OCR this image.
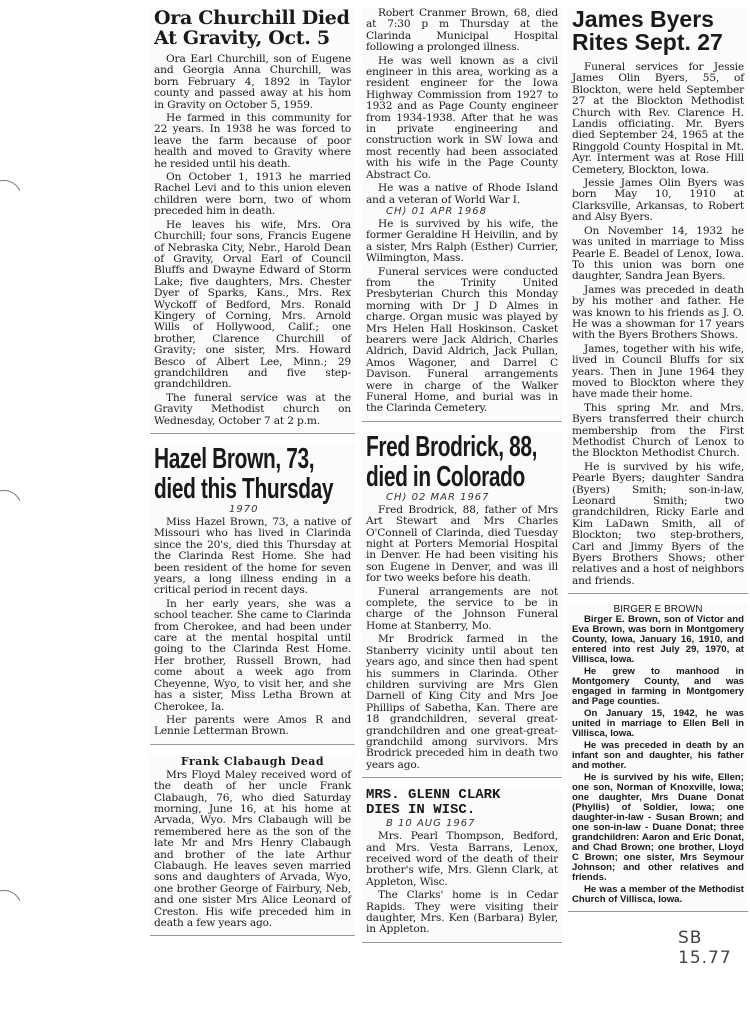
Ora Churchill Died
At Gravity, Oct. 5

Ora Earl Churchill, son of Eugene and Georgia Anna Churchill, was born February 4, 1892 in Taylor county and passed away at his hom in Gravity on October 5, 1959.

He farmed in this community for 22 years. In 1938 he was forced to leave the farm because of poor health and moved to Gravity where he resided until his death.

On October 1, 1913 he married Rachel Levi and to this union eleven children were born, two of whom preceded him in death.

He leaves his wife, Mrs. Ora Churchill; four sons, Francis Eugene of Nebraska City, Nebr., Harold Dean of Gravity, Orval Earl of Council Bluffs and Dwayne Edward of Storm Lake; five daughters, Mrs. Chester Dyer of Sparks, Kans., Mrs. Rex Wyckoff of Bedford, Mrs. Ronald Kingery of Corning, Mrs. Arnold Wills of Hollywood, Calif.; one brother, Clarence Churchill of Gravity; one sister, Mrs. Howard Besco of Albert Lee, Minn.; 29 grandchildren and five step-grandchildren.

The funeral service was at the Gravity Methodist church on Wednesday, October 7 at 2 p.m.

Hazel Brown, 73,
died this Thursday
1970

Miss Hazel Brown, 73, a native of Missouri who has lived in Clarinda since the 20's, died this Thursday at the Clarinda Rest Home. She had been resident of the home for seven years, a long illness ending in a critical period in recent days.

In her early years, she was a school teacher. She came to Clarinda from Cherokee, and had been under care at the mental hospital until going to the Clarinda Rest Home. Her brother, Russell Brown, had come about a week ago from Cheyenne, Wyo, to visit her, and she has a sister, Miss Letha Brown at Cherokee, Ia.

Her parents were Amos R and Lennie Letterman Brown.

Frank Clabaugh Dead

Mrs Floyd Maley received word of the death of her uncle Frank Clabaugh, 76, who died Saturday morning, June 16, at his home at Arvada, Wyo. Mrs Clabaugh will be remembered here as the son of the late Mr and Mrs Henry Clabaugh and brother of the late Arthur Clabaugh. He leaves seven married sons and daughters of Arvada, Wyo, one brother George of Fairbury, Neb, and one sister Mrs Alice Leonard of Creston. His wife preceded him in death a few years ago.

Robert Cranmer Brown, 68, died at 7:30 p m Thursday at the Clarinda Municipal Hospital following a prolonged illness.

He was well known as a civil engineer in this area, working as a resident engineer for the Iowa Highway Commission from 1927 to 1932 and as Page County engineer from 1934-1938. After that he was in private engineering and construction work in SW Iowa and most recently had been associated with his wife in the Page County Abstract Co.

He was a native of Rhode Island and a veteran of World War I.

CH) 01 APR 1968

He is survived by his wife, the former Geraldine H Heivilin, and by a sister, Mrs Ralph (Esther) Currier, Wilmington, Mass.

Funeral services were conducted from the Trinity United Presbyterian Church this Monday morning with Dr J D Almes in charge. Organ music was played by Mrs Helen Hall Hoskinson. Casket bearers were Jack Aldrich, Charles Aldrich, David Aldrich, Jack Pullan, Amos Wagoner, and Darrel C Davison. Funeral arrangements were in charge of the Walker Funeral Home, and burial was in the Clarinda Cemetery.

Fred Brodrick, 88,
died in Colorado
CH) 02 MAR 1967

Fred Brodrick, 88, father of Mrs Art Stewart and Mrs Charles O'Connell of Clarinda, died Tuesday night at Porters Memorial Hospital in Denver. He had been visiting his son Eugene in Denver, and was ill for two weeks before his death.

Funeral arrangements are not complete, the service to be in charge of the Johnson Funeral Home at Stanberry, Mo.

Mr Brodrick farmed in the Stanberry vicinity until about ten years ago, and since then had spent his summers in Clarinda. Other children surviving are Mrs Glen Darnell of King City and Mrs Joe Phillips of Sabetha, Kan. There are 18 grandchildren, several great-grandchildren and one great-great-grandchild among survivors. Mrs Brodrick preceded him in death two years ago.

MRS. GLENN CLARK
DIES IN WISC.
B 10 AUG 1967

Mrs. Pearl Thompson, Bedford, and Mrs. Vesta Barrans, Lenox, received word of the death of their brother's wife, Mrs. Glenn Clark, at Appleton, Wisc.

The Clarks' home is in Cedar Rapids. They were visiting their daughter, Mrs. Ken (Barbara) Byler, in Appleton.

James Byers
Rites Sept. 27

Funeral services for Jessie James Olin Byers, 55, of Blockton, were held September 27 at the Blockton Methodist Church with Rev. Clarence H. Landis officiating. Mr. Byers died September 24, 1965 at the Ringgold County Hospital in Mt. Ayr. Interment was at Rose Hill Cemetery, Blockton, Iowa.

Jessie James Olin Byers was born May 10, 1910 at Clarksville, Arkansas, to Robert and Alsy Byers.

On November 14, 1932 he was united in marriage to Miss Pearle E. Beadel of Lenox, Iowa. To this union was born one daughter, Sandra Jean Byers.

James was preceded in death by his mother and father. He was known to his friends as J. O. He was a showman for 17 years with the Byers Brothers Shows.

James, together with his wife, lived in Council Bluffs for six years. Then in June 1964 they moved to Blockton where they have made their home.

This spring Mr. and Mrs. Byers transferred their church membership from the First Methodist Church of Lenox to the Blockton Methodist Church.

He is survived by his wife, Pearle Byers; daughter Sandra (Byers) Smith; son-in-law, Leonard Smith; two grandchildren, Ricky Earle and Kim LaDawn Smith, all of Blockton; two step-brothers, Carl and Jimmy Byers of the Byers Brothers Shows; other relatives and a host of neighbors and friends.

BIRGER E BROWN

Birger E. Brown, son of Victor and Eva Brown, was born in Montgomery County, Iowa, January 16, 1910, and entered into rest July 29, 1970, at Villisca, Iowa.

He grew to manhood in Montgomery County, and was engaged in farming in Montgomery and Page counties.

On January 15, 1942, he was united in marriage to Ellen Bell in Villisca, Iowa.

He was preceded in death by an infant son and daughter, his father and mother.

He is survived by his wife, Ellen; one son, Norman of Knoxville, Iowa; one daughter, Mrs Duane Donat (Phyllis) of Soldier, Iowa; one daughter-in-law - Susan Brown; and one son-in-law - Duane Donat; three grandchildren: Aaron and Eric Donat, and Chad Brown; one brother, Lloyd C Brown; one sister, Mrs Seymour Johnson; and other relatives and friends.

He was a member of the Methodist Church of Villisca, Iowa.

SB 15.77
